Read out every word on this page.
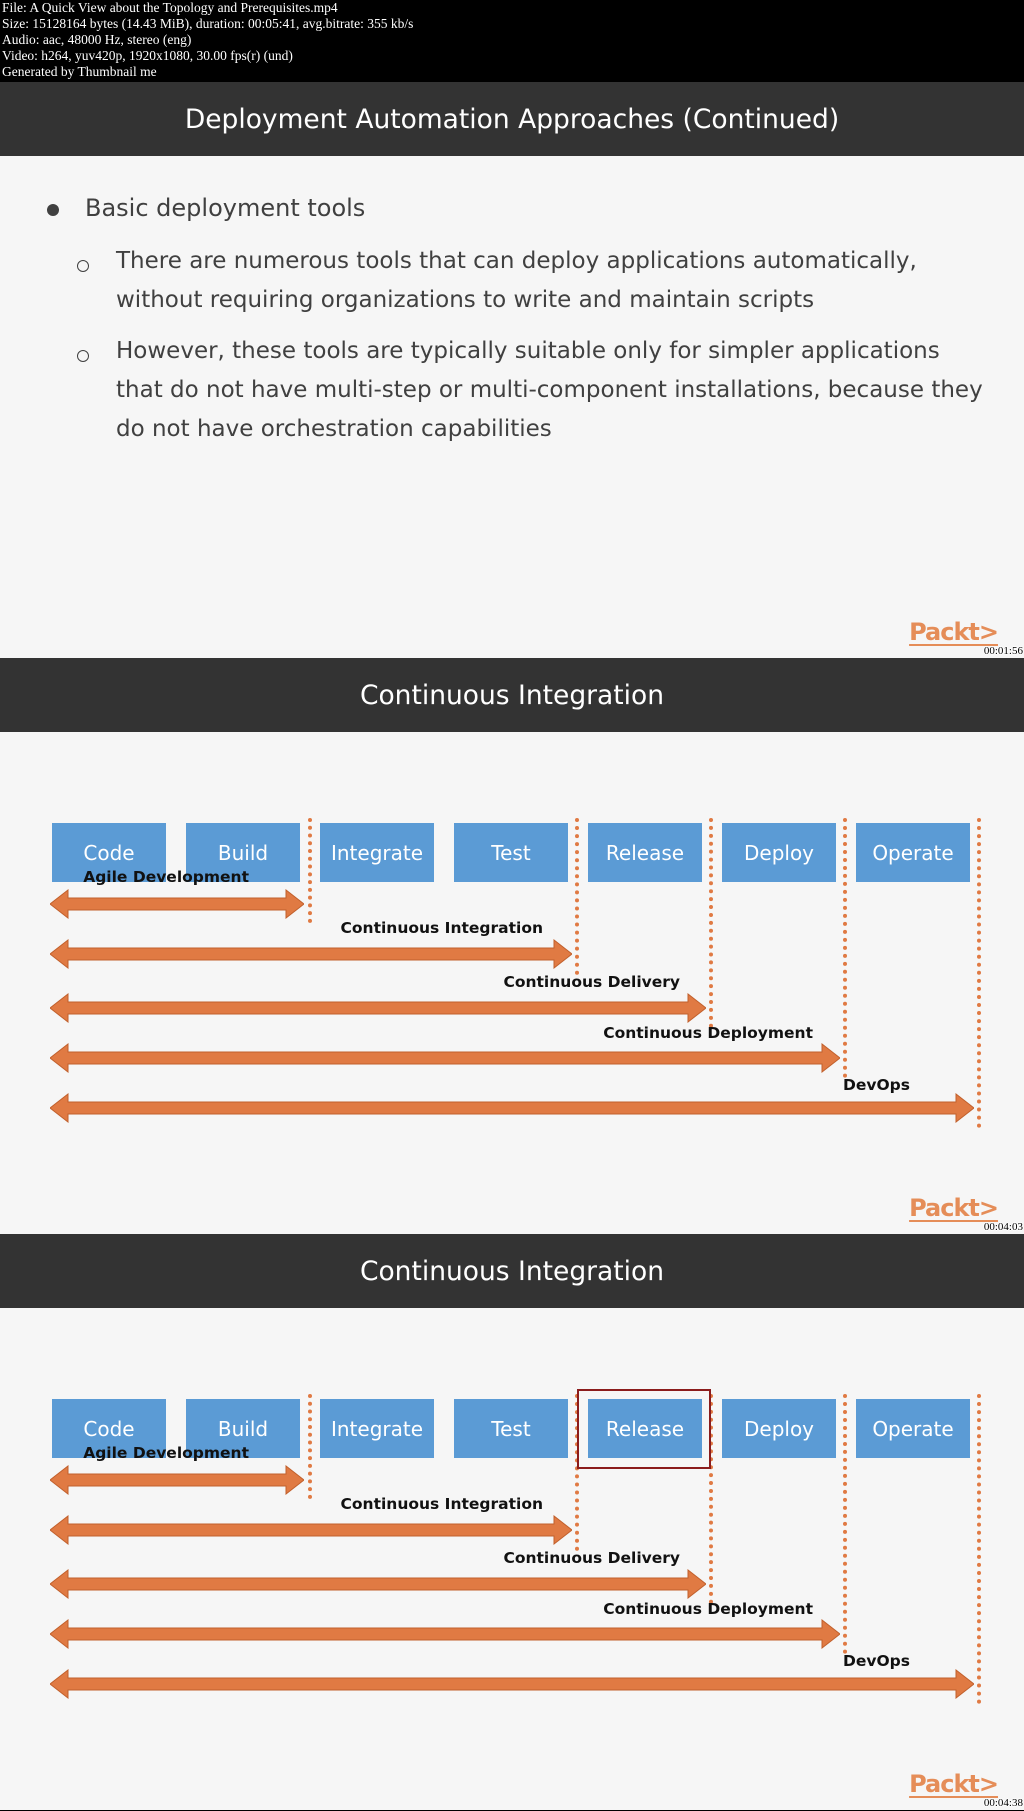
File: A Quick View about the Topology and Prerequisites.mp4
Size: 15128164 bytes (14.43 MiB), duration: 00:05:41, avg.bitrate: 355 kb/s
Audio: aac, 48000 Hz, stereo (eng)
Video: h264, yuv420p, 1920x1080, 30.00 fps(r) (und)
Generated by Thumbnail me
Deployment Automation Approaches (Continued)
Basic deployment tools
There are numerous tools that can deploy applications automatically,
without requiring organizations to write and maintain scripts
However, these tools are typically suitable only for simpler applications
that do not have multi-step or multi-component installations, because they
do not have orchestration capabilities
Packt>
00:01:56
Continuous Integration
Code	Build	Integrate	Test	Release	Deploy	Operate
Agile Development
Continuous Integration
Continuous Delivery
Continuous Deployment
DevOps
Packt>
00:04:03
Continuous Integration
Code	Build	Integrate	Test	Release	Deploy	Operate
Agile Development
Continuous Integration
Continuous Delivery
Continuous Deployment
DevOps
Packt>
00:04:38
